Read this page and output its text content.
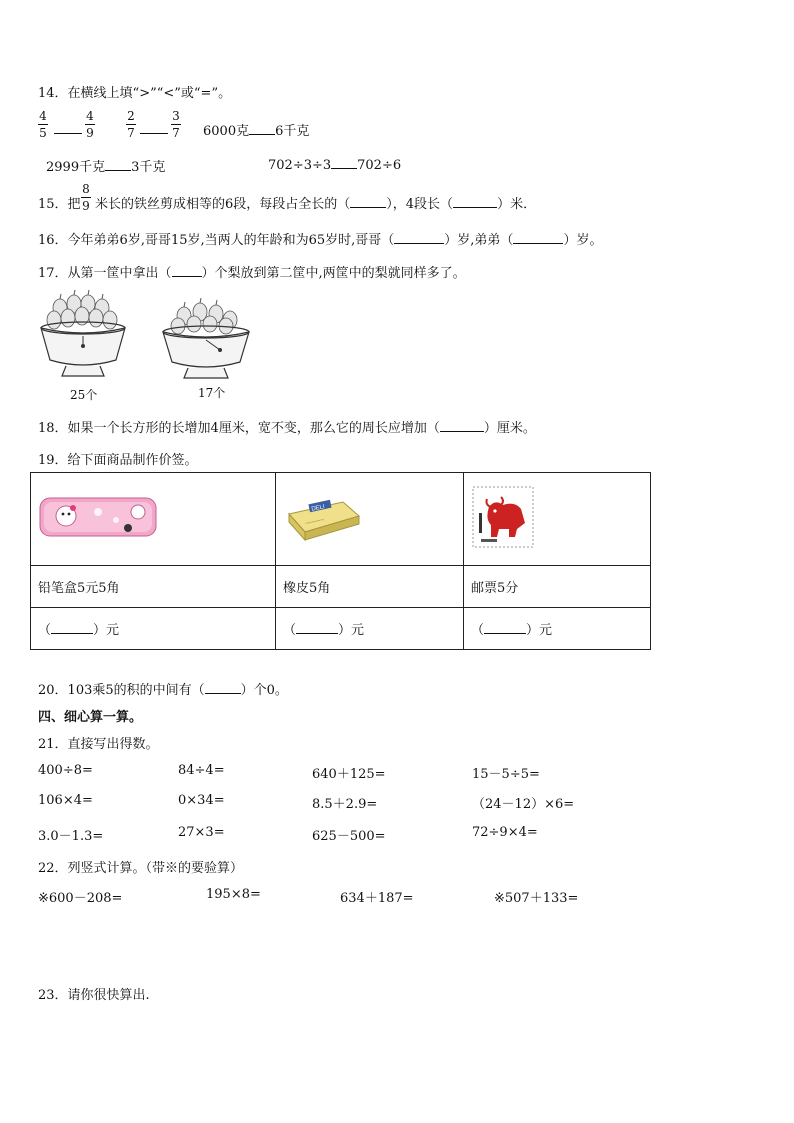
14．在横线上填“>”“<”或“=”。
4
5
4
9
2
7
3
7 6000克 6千克
2999千克 3千克	702÷3÷3 702÷6
15．把
8
9 米长的铁丝剪成相等的6段，每段占全长的（	），4段长（	）米．
16．今年弟弟6岁,哥哥15岁,当两人的年龄和为65岁时,哥哥（	）岁,弟弟（	）岁。
17．从第一筐中拿出（ ）个梨放到第二筐中,两筐中的梨就同样多了。
25个	17个
18．如果一个长方形的长增加4厘米，宽不变，那么它的周长应增加（	）厘米。
19．给下面商品制作价签。

DELI
~~~~~

铅笔盒5元5角	橡皮5角	邮票5分
（ ）元	（ ）元	（ ）元
20．103乘5的积的中间有（	）个0。
四、细心算一算。
21．直接写出得数。
400÷8=	84÷4=	640＋125=	15－5÷5=
106×4=	0×34=	8.5＋2.9=	（24－12）×6=
3.0－1.3=	27×3=	625－500=	72÷9×4=
22．列竖式计算。（带※的要验算）
※600－208=	195×8=	634＋187=	※507＋133=
23．请你很快算出.
